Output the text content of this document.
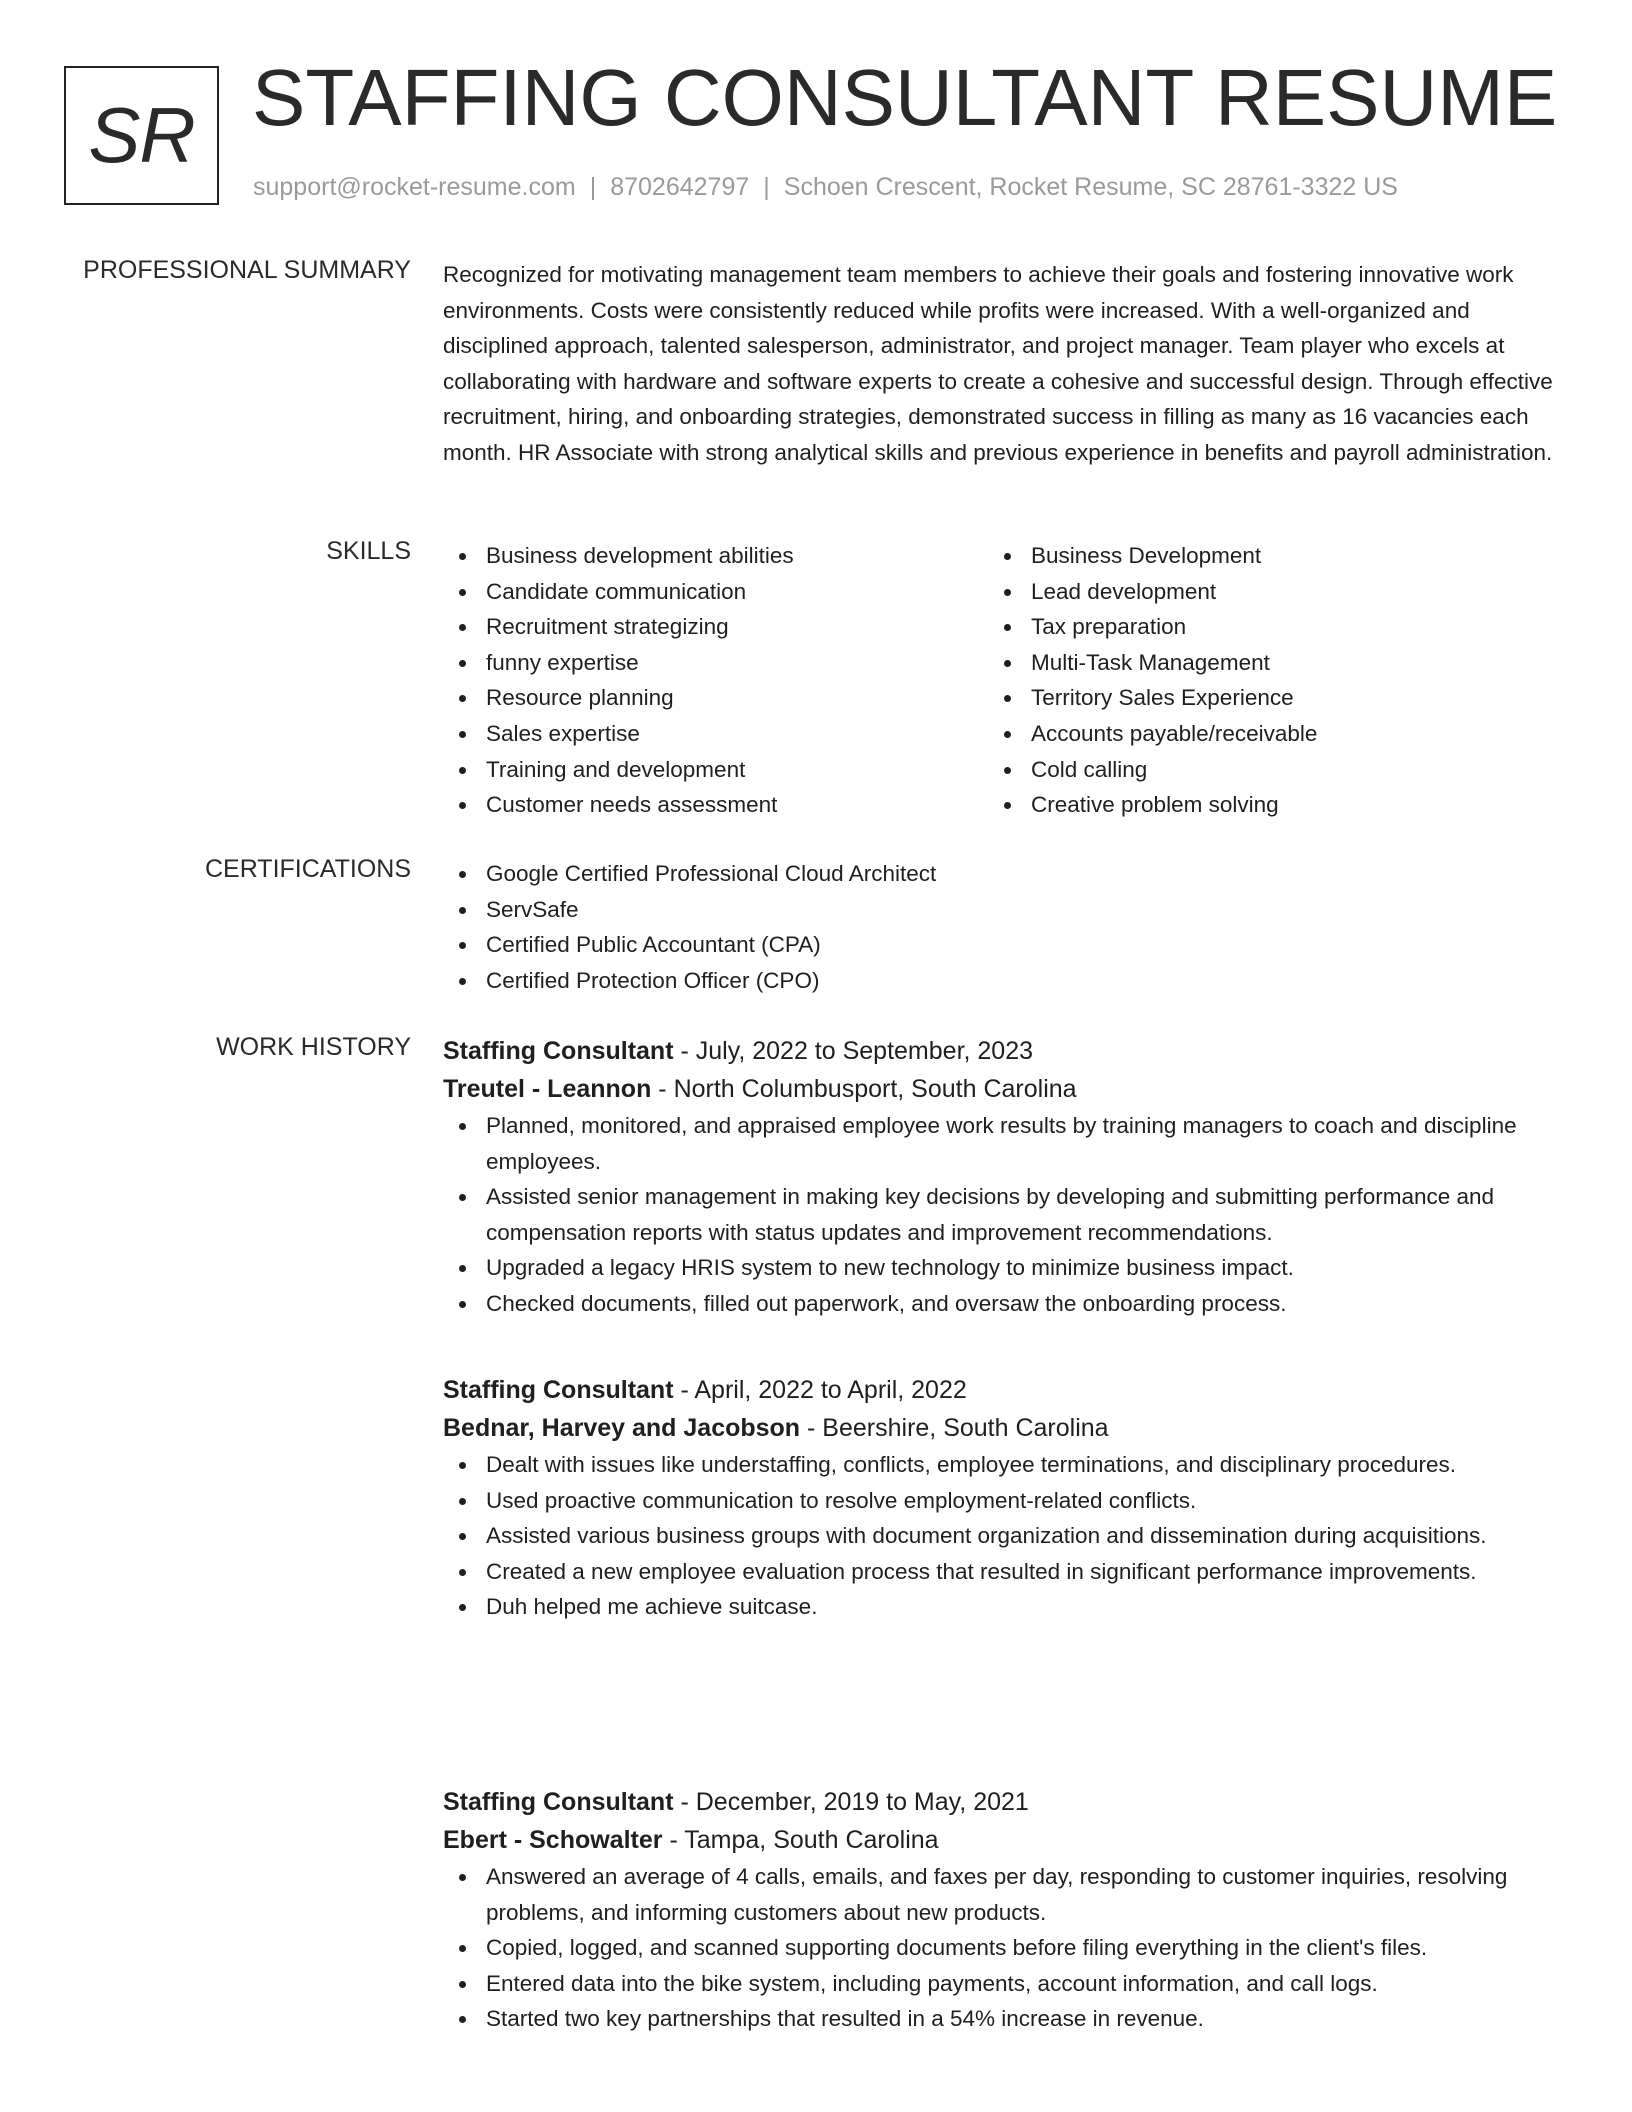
SR STAFFING CONSULTANT RESUME
support@rocket-resume.com | 8702642797 | Schoen Crescent, Rocket Resume, SC 28761-3322 US
PROFESSIONAL SUMMARY Recognized for motivating management team members to achieve their goals and fostering innovative work environments. Costs were consistently reduced while profits were increased. With a well-organized and disciplined approach, talented salesperson, administrator, and project manager. Team player who excels at collaborating with hardware and software experts to create a cohesive and successful design. Through effective recruitment, hiring, and onboarding strategies, demonstrated success in filling as many as 16 vacancies each month. HR Associate with strong analytical skills and previous experience in benefits and payroll administration.
SKILLS	Business development abilities
Candidate communication
Recruitment strategizing
funny expertise
Resource planning
Sales expertise
Training and development
Customer needs assessment
Business Development
Lead development
Tax preparation
Multi-Task Management
Territory Sales Experience
Accounts payable/receivable
Cold calling
Creative problem solving
CERTIFICATIONS	Google Certified Professional Cloud Architect
ServSafe
Certified Public Accountant (CPA)
Certified Protection Officer (CPO)
WORK HISTORY Staffing Consultant - July, 2022 to September, 2023
Treutel - Leannon - North Columbusport, South Carolina
Planned, monitored, and appraised employee work results by training managers to coach and discipline employees.
Assisted senior management in making key decisions by developing and submitting performance and compensation reports with status updates and improvement recommendations.
Upgraded a legacy HRIS system to new technology to minimize business impact.
Checked documents, filled out paperwork, and oversaw the onboarding process.
Staffing Consultant - April, 2022 to April, 2022
Bednar, Harvey and Jacobson - Beershire, South Carolina
Dealt with issues like understaffing, conflicts, employee terminations, and disciplinary procedures.
Used proactive communication to resolve employment-related conflicts.
Assisted various business groups with document organization and dissemination during acquisitions.
Created a new employee evaluation process that resulted in significant performance improvements.
Duh helped me achieve suitcase.
Staffing Consultant - December, 2019 to May, 2021
Ebert - Schowalter - Tampa, South Carolina
Answered an average of 4 calls, emails, and faxes per day, responding to customer inquiries, resolving problems, and informing customers about new products.
Copied, logged, and scanned supporting documents before filing everything in the client's files.
Entered data into the bike system, including payments, account information, and call logs.
Started two key partnerships that resulted in a 54% increase in revenue.
